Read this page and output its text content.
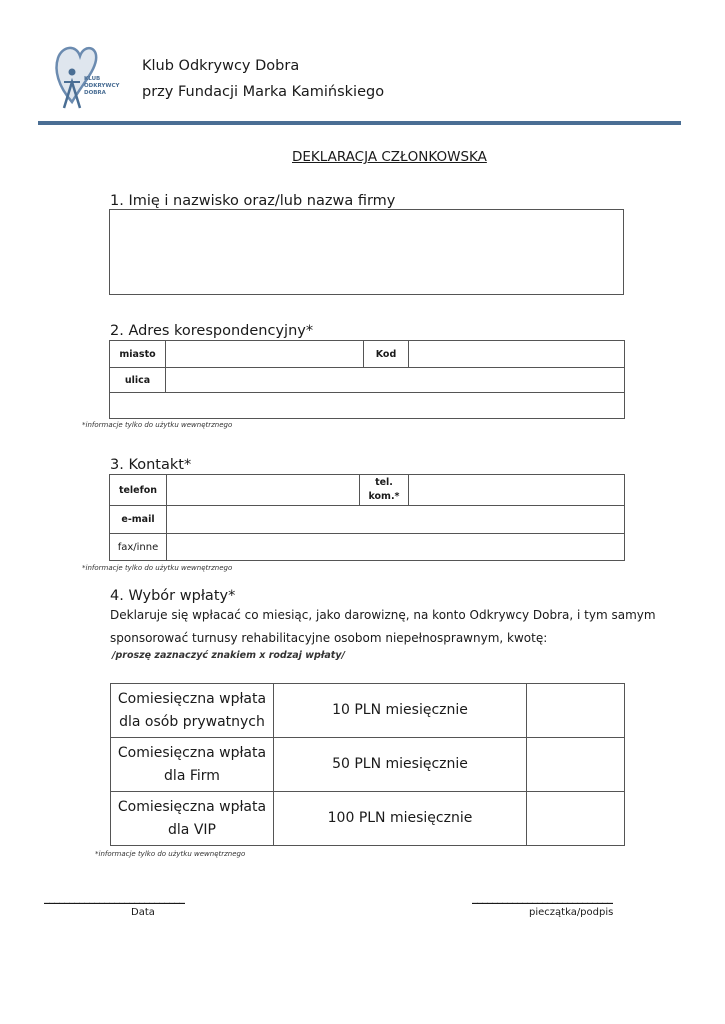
KLUB
ODKRYWCY
DOBRA
Klub Odkrywcy Dobra
przy Fundacji Marka Kamińskiego
DEKLARACJA CZŁONKOWSKA
1. Imię i nazwisko oraz/lub nazwa firmy
2. Adres korespondencyjny*
miasto		Kod	
ulica			

*informacje tylko do użytku wewnętrznego
3. Kontakt*
telefon		tel. kom.*	
e-mail			
fax/inne			
*informacje tylko do użytku wewnętrznego
4. Wybór wpłaty*
Deklaruje się wpłacać co miesiąc, jako darowiznę, na konto Odkrywcy Dobra, i tym samym
sponsorować turnusy rehabilitacyjne osobom niepełnosprawnym, kwotę:
/proszę zaznaczyć znakiem x rodzaj wpłaty/
Comiesięczna wpłata dla osób prywatnych	10 PLN miesięcznie	
Comiesięczna wpłata dla Firm	50 PLN miesięcznie	
Comiesięczna wpłata dla VIP	100 PLN miesięcznie	
*informacje tylko do użytku wewnętrznego
____________________________
Data
____________________________
pieczątka/podpis
